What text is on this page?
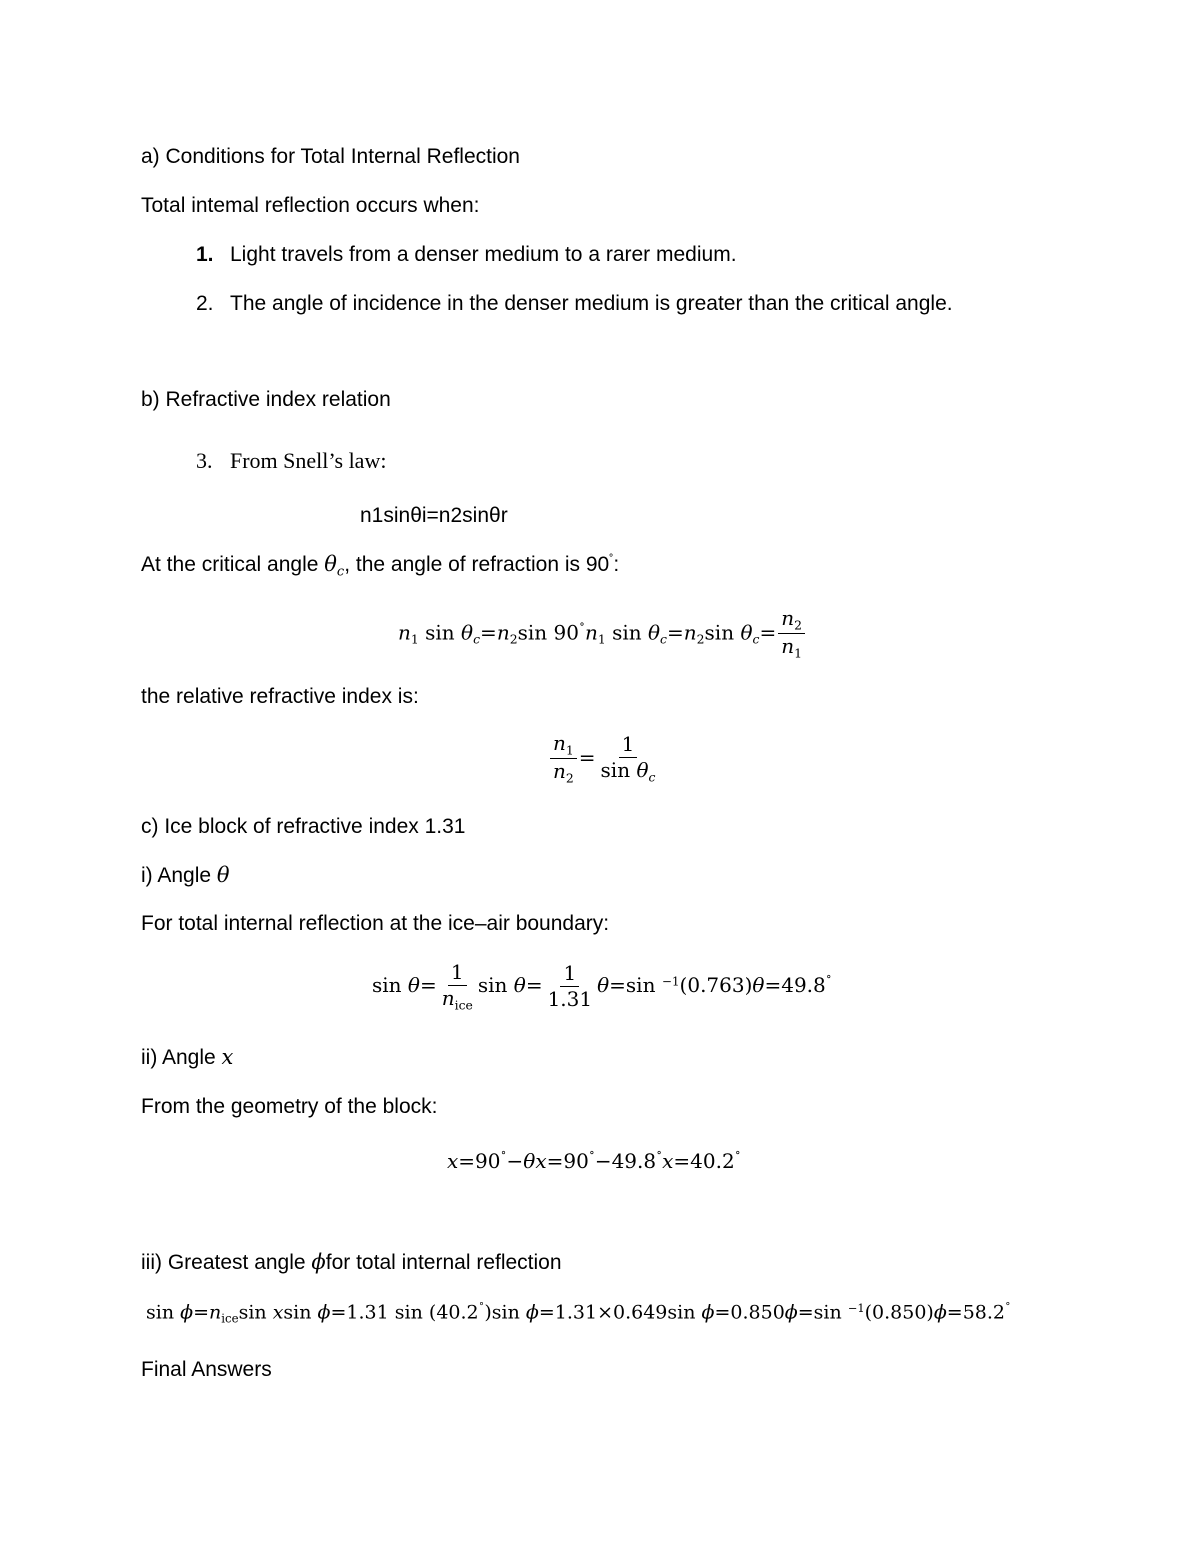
a) Conditions for Total Internal Reflection
Total intemal reflection occurs when:
1. Light travels from a denser medium to a rarer medium.
2. The angle of incidence in the denser medium is greater than the critical angle.
b) Refractive index relation
3. From Snell’s law:
n1sinθi=n2sinθr
At the critical angle $\theta_c$, the angle of refraction is 90˚:
$n_1$ $\sin \theta_c=n_2\sin$ $90^˚n_1$ $\sin \theta_c=n_2\sin$ $\theta_c= \frac{n_2}{n_1}$
the relative refractive index is:
$\frac{n_1}{n_2} = \frac{1}{\sin \theta_c}$
c) Ice block of refractive index 1.31
i) Angle θ
For total internal reflection at the ice–air boundary:
$\sin \theta= \frac{1}{n_{ice}}$ $\sin \theta= \frac{1}{1.31} \theta=\sin$ $^{-1}$(0.763)θ=49.8˚
ii) Angle x
From the geometry of the block:
x=90˚−θx=90˚−49.8˚x=40.2˚
iii) Greatest angle ϕfor total internal reflection
$\sin \phi=n_{ice}\sin$ xsin ϕ=1.31 sin (40.2˚)sin ϕ=1.31×0.649sin ϕ=0.850ϕ=sin $^{-1}$(0.850)ϕ=58.2˚
Final Answers
